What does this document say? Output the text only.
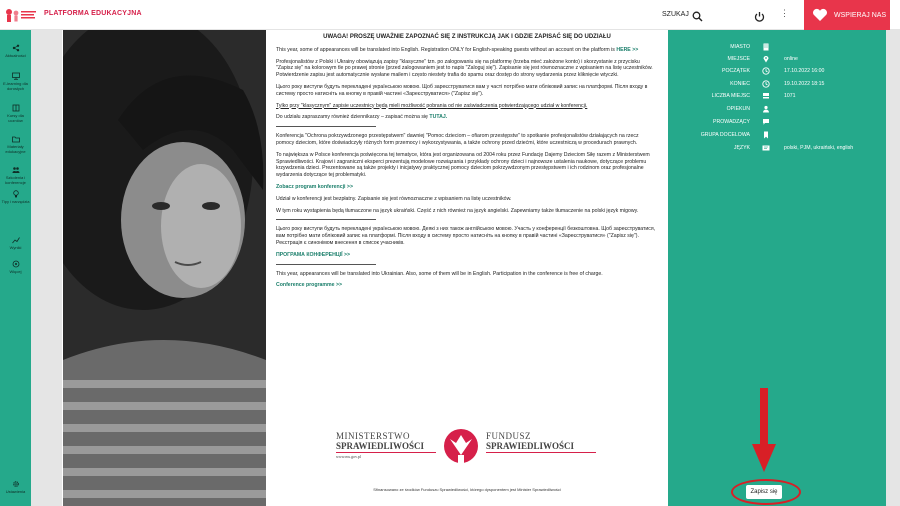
PLATFORMA EDUKACYJNA	SZUKAJ	⋮	WSPIERAJ NAS
Aktualności
E-learning dla dorosłych
Kursy dla uczniów
Materiały edukacyjne
Szkolenia i konferencje
Tipy i narzędzia
Wyniki
Więcej
Ustawienia

UWAGA! PROSZĘ UWAŻNIE ZAPOZNAĆ SIĘ Z INSTRUKCJĄ JAK I GDZIE ZAPISAĆ SIĘ DO UDZIAŁU

This year, some of appearances will be translated into English. Registration ONLY for English-speaking guests without an account on the platform is HERE >>

Profesjonalistów z Polski i Ukrainy obowiązują zapisy "klasyczne" tzn. po zalogowaniu się na platformę (trzeba mieć założone konto) i skorzystanie z przycisku "Zapisz się" na kolorowym tle po prawej stronie (przed zalogowaniem jest to napis "Zaloguj się"). Zapisanie się jest równoznaczne z wpisaniem na listę uczestników. Potwierdzenie zapisu jest automatycznie wysłane mailem i często niestety trafia do spamu oraz dostęp do strony wydarzenia przez kliknięcie wtyczki.

Цього року виступи будуть перекладені українською мовою. Щоб зареєструватися вам у часті потрібно мати обліковий запис на платформі. Після входу в систему просто натисніть на кнопку в правій частині «Зареєструватися» ("Zapisz się").

Tylko przy "klasycznym" zapisie uczestnicy będą mieli możliwość pobrania od nie zaświadczenia potwierdzającego udział w konferencji.

Do udziału zapraszamy również dziennikarzy – zapisać można się TUTAJ.

Konferencja "Ochrona pokrzywdzonego przestępstwem" dawniej "Pomoc dzieciom – ofiarom przestępstw" to spotkanie profesjonalistów działających na rzecz pomocy dzieciom, które doświadczyły różnych form przemocy i wykorzystywania, a także ochrony przed dziećmi, które uczestniczą w procedurach prawnych.

To największa w Polsce konferencja poświęcona tej tematyce, która jest organizowana od 2004 roku przez Fundację Dajemy Dzieciom Siłę razem z Ministerstwem Sprawiedliwości. Krajowi i zagraniczni eksperci prezentują modelowe rozwiązania i przykłady ochrony dzieci i najnowsze ustalenia naukowe, dotyczące problemu krzywdzenia dzieci. Prezentowane są także projekty i inicjatywy praktycznej pomocy dzieciom pokrzywdzonym przestępstwem i ich rodzinom oraz profesjonalne wydarzenia dotyczące tej problematyki.

Zobacz program konferencji >>

Udział w konferencji jest bezpłatny. Zapisanie się jest równoznaczne z wpisaniem na listę uczestników.

W tym roku wystąpienia będą tłumaczone na język ukraiński. Część z nich również na język angielski. Zapewniamy także tłumaczenie na polski język migowy.

Цього року виступи будуть перекладені українською мовою. Деякі з них також англійською мовою. Участь у конференції безкоштовна. Щоб зареєструватися, вам потрібно мати обліковий запис на платформі. Після входу в систему просто натисніть на кнопку в правій частині «Зареєструватися» ("Zapisz się"). Реєстрація є синонімом внесення в список учасників.

ПРОГРАМА КОНФЕРЕНЦІЇ >>

This year, appearances will be translated into Ukrainian. Also, some of them will be in English. Participation in the conference is free of charge.

Conference programme >>

MINISTERSTWO
SPRAWIEDLIWOŚCI
www.ms.gov.pl
FUNDUSZ
SPRAWIEDLIWOŚCI
Sfinansowano ze środków Funduszu Sprawiedliwości, którego dysponentem jest Minister Sprawiedliwości
MIASTO
MIEJSCE	online
POCZĄTEK	17.10.2022 16:00
KONIEC	19.10.2022 18:15
LICZBA MIEJSC	1071
OPIEKUN
PROWADZĄCY
GRUPA DOCELOWA
JĘZYK	polski, PJM, ukraiński, english
Zapisz się
